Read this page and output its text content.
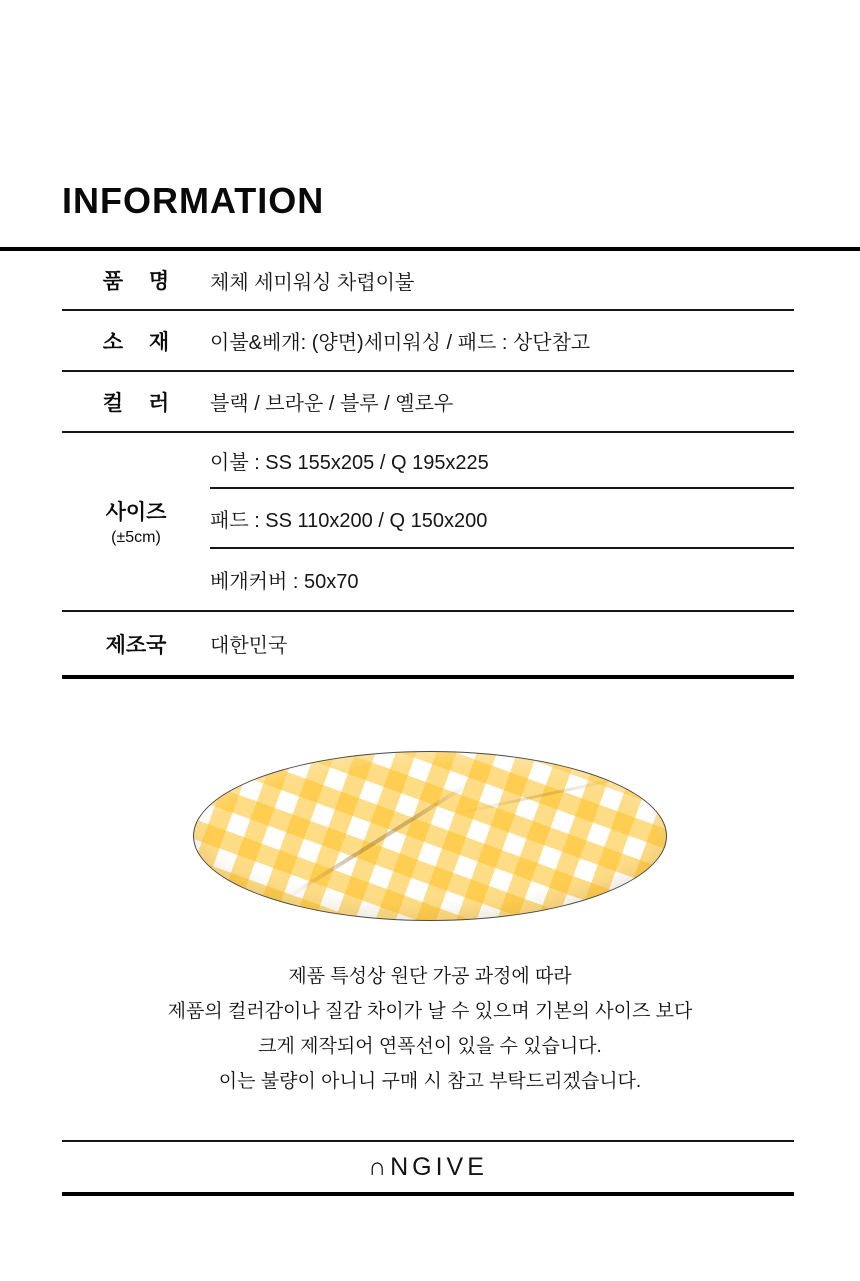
INFORMATION
품 명 체체 세미워싱 차렵이불
소 재 이불&베개: (양면)세미워싱 / 패드 : 상단참고
컬 러 블랙 / 브라운 / 블루 / 옐로우
사이즈
(±5cm)
이불 : SS 155x205 / Q 195x225
패드 : SS 110x200 / Q 150x200
베개커버 : 50x70
제조국 대한민국
제품 특성상 원단 가공 과정에 따라
제품의 컬러감이나 질감 차이가 날 수 있으며 기본의 사이즈 보다
크게 제작되어 연폭선이 있을 수 있습니다.
이는 불량이 아니니 구매 시 참고 부탁드리겠습니다.
∩NGIVE
